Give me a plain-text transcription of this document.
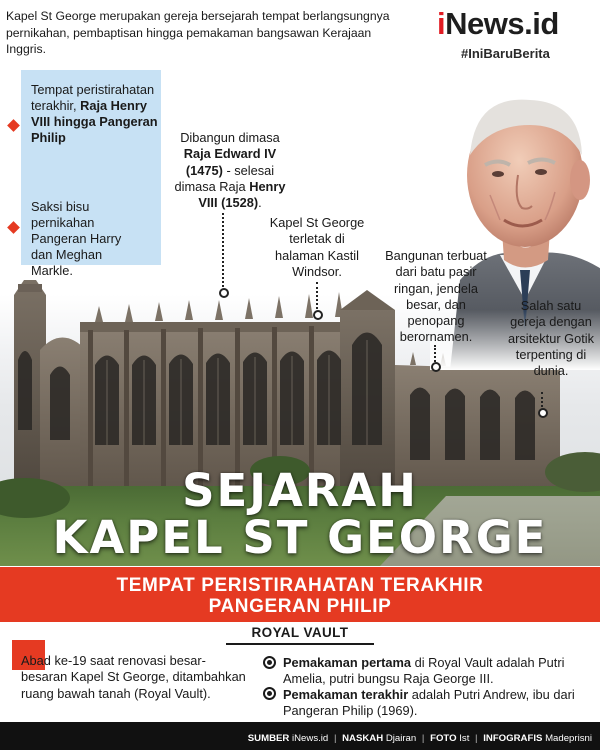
Kapel St George merupakan gereja bersejarah tempat berlangsungnya pernikahan, pembaptisan hingga pemakaman bangsawan Kerajaan Inggris.

iNews.id
#IniBaruBerita
Tempat peristirahatan terakhir, Raja Henry VIII hingga Pangeran Philip
Saksi bisu pernikahan Pangeran Harry dan Meghan Markle.
Dibangun dimasa Raja Edward IV (1475) - selesai dimasa Raja Henry VIII (1528).
Kapel St George terletak di halaman Kastil Windsor.
Bangunan terbuat dari batu pasir ringan, jendela besar, dan penopang berornamen.
Salah satu gereja dengan arsitektur Gotik terpenting di dunia.
SEJARAH
KAPEL ST GEORGE
TEMPAT PERISTIRAHATAN TERAKHIR
PANGERAN PHILIP
ROYAL VAULT
Abad ke-19 saat renovasi besar-besaran Kapel St George, ditambahkan ruang bawah tanah (Royal Vault).
Pemakaman pertama di Royal Vault adalah Putri Amelia, putri bungsu Raja George III.
Pemakaman terakhir adalah Putri Andrew, ibu dari Pangeran Philip (1969).
SUMBER iNews.id | NASKAH Djairan | FOTO Ist | INFOGRAFIS Madeprisni
